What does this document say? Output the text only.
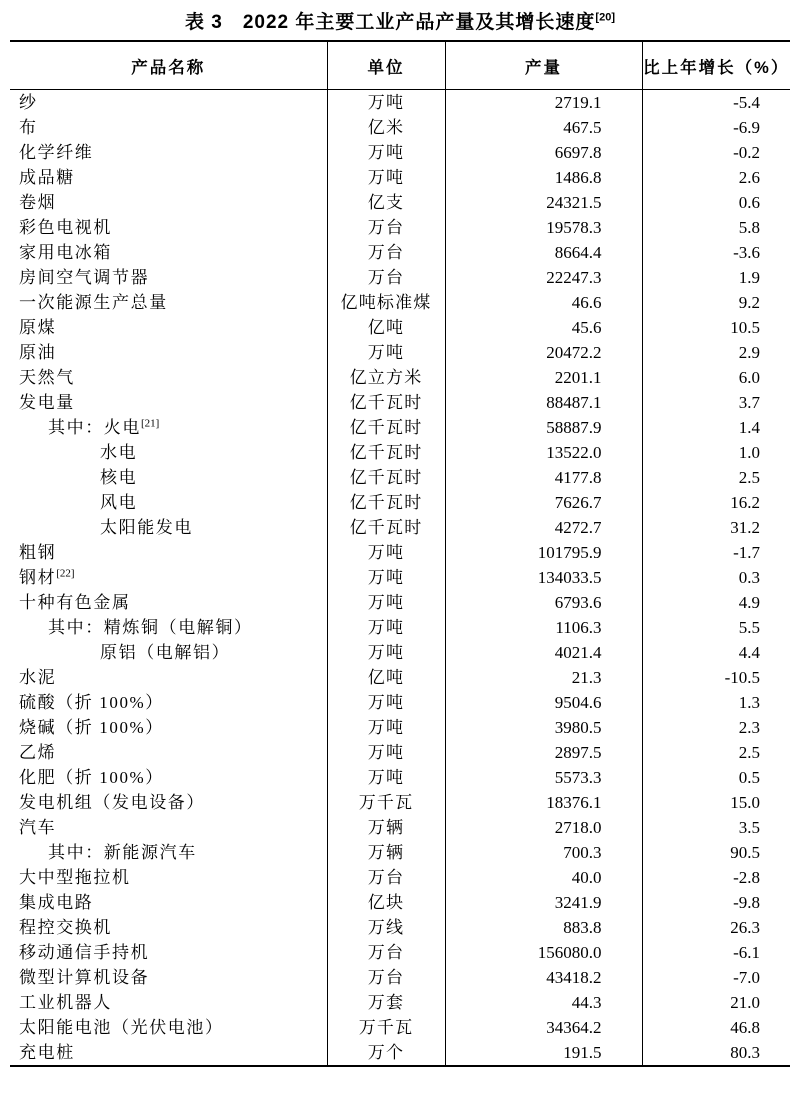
表 3　2022 年主要工业产品产量及其增长速度[20]
产品名称	单位	产量	比上年增长（%）
纱	万吨	2719.1	-5.4
布	亿米	467.5	-6.9
化学纤维	万吨	6697.8	-0.2
成品糖	万吨	1486.8	2.6
卷烟	亿支	24321.5	0.6
彩色电视机	万台	19578.3	5.8
家用电冰箱	万台	8664.4	-3.6
房间空气调节器	万台	22247.3	1.9
一次能源生产总量	亿吨标准煤	46.6	9.2
原煤	亿吨	45.6	10.5
原油	万吨	20472.2	2.9
天然气	亿立方米	2201.1	6.0
发电量	亿千瓦时	88487.1	3.7
其中：火电[21]	亿千瓦时	58887.9	1.4
水电	亿千瓦时	13522.0	1.0
核电	亿千瓦时	4177.8	2.5
风电	亿千瓦时	7626.7	16.2
太阳能发电	亿千瓦时	4272.7	31.2
粗钢	万吨	101795.9	-1.7
钢材[22]	万吨	134033.5	0.3
十种有色金属	万吨	6793.6	4.9
其中：精炼铜（电解铜）	万吨	1106.3	5.5
原铝（电解铝）	万吨	4021.4	4.4
水泥	亿吨	21.3	-10.5
硫酸（折 100%）	万吨	9504.6	1.3
烧碱（折 100%）	万吨	3980.5	2.3
乙烯	万吨	2897.5	2.5
化肥（折 100%）	万吨	5573.3	0.5
发电机组（发电设备）	万千瓦	18376.1	15.0
汽车	万辆	2718.0	3.5
其中：新能源汽车	万辆	700.3	90.5
大中型拖拉机	万台	40.0	-2.8
集成电路	亿块	3241.9	-9.8
程控交换机	万线	883.8	26.3
移动通信手持机	万台	156080.0	-6.1
微型计算机设备	万台	43418.2	-7.0
工业机器人	万套	44.3	21.0
太阳能电池（光伏电池）	万千瓦	34364.2	46.8
充电桩	万个	191.5	80.3
